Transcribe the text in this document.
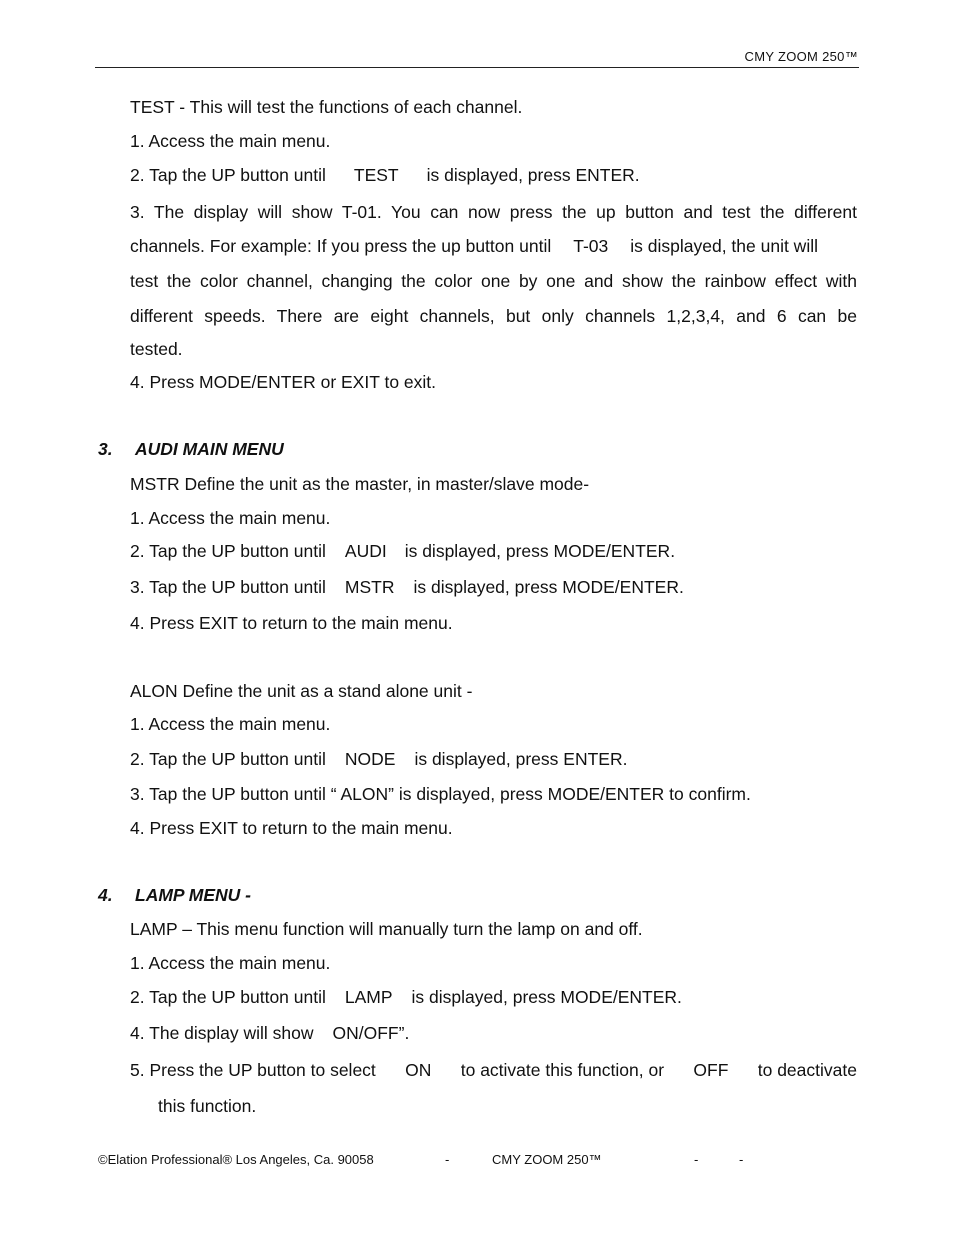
CMY ZOOM 250™
TEST - This will test the functions of each channel.
1. Access the main menu.
2. Tap the UP button until TEST is displayed, press ENTER.
3. The display will show T-01. You can now press the up button and test the different
channels. For example: If you press the up button until T-03 is displayed, the unit will
test the color channel, changing the color one by one and show the rainbow effect with
different speeds. There are eight channels, but only channels 1,2,3,4, and 6 can be
tested.
4. Press MODE/ENTER or EXIT to exit.
3. AUDI MAIN MENU
MSTR Define the unit as the master, in master/slave mode-
1. Access the main menu.
2. Tap the UP button until AUDI is displayed, press MODE/ENTER.
3. Tap the UP button until MSTR is displayed, press MODE/ENTER.
4. Press EXIT to return to the main menu.
ALON Define the unit as a stand alone unit -
1. Access the main menu.
2. Tap the UP button until NODE is displayed, press ENTER.
3. Tap the UP button until “ ALON” is displayed, press MODE/ENTER to confirm.
4. Press EXIT to return to the main menu.
4. LAMP MENU -
LAMP – This menu function will manually turn the lamp on and off.
1. Access the main menu.
2. Tap the UP button until LAMP is displayed, press MODE/ENTER.
4. The display will show ON/OFF”.
5. Press the UP button to select ON to activate this function, or OFF to deactivate
this function.
©Elation Professional® Los Angeles, Ca. 90058	-	CMY ZOOM 250™	-	-
